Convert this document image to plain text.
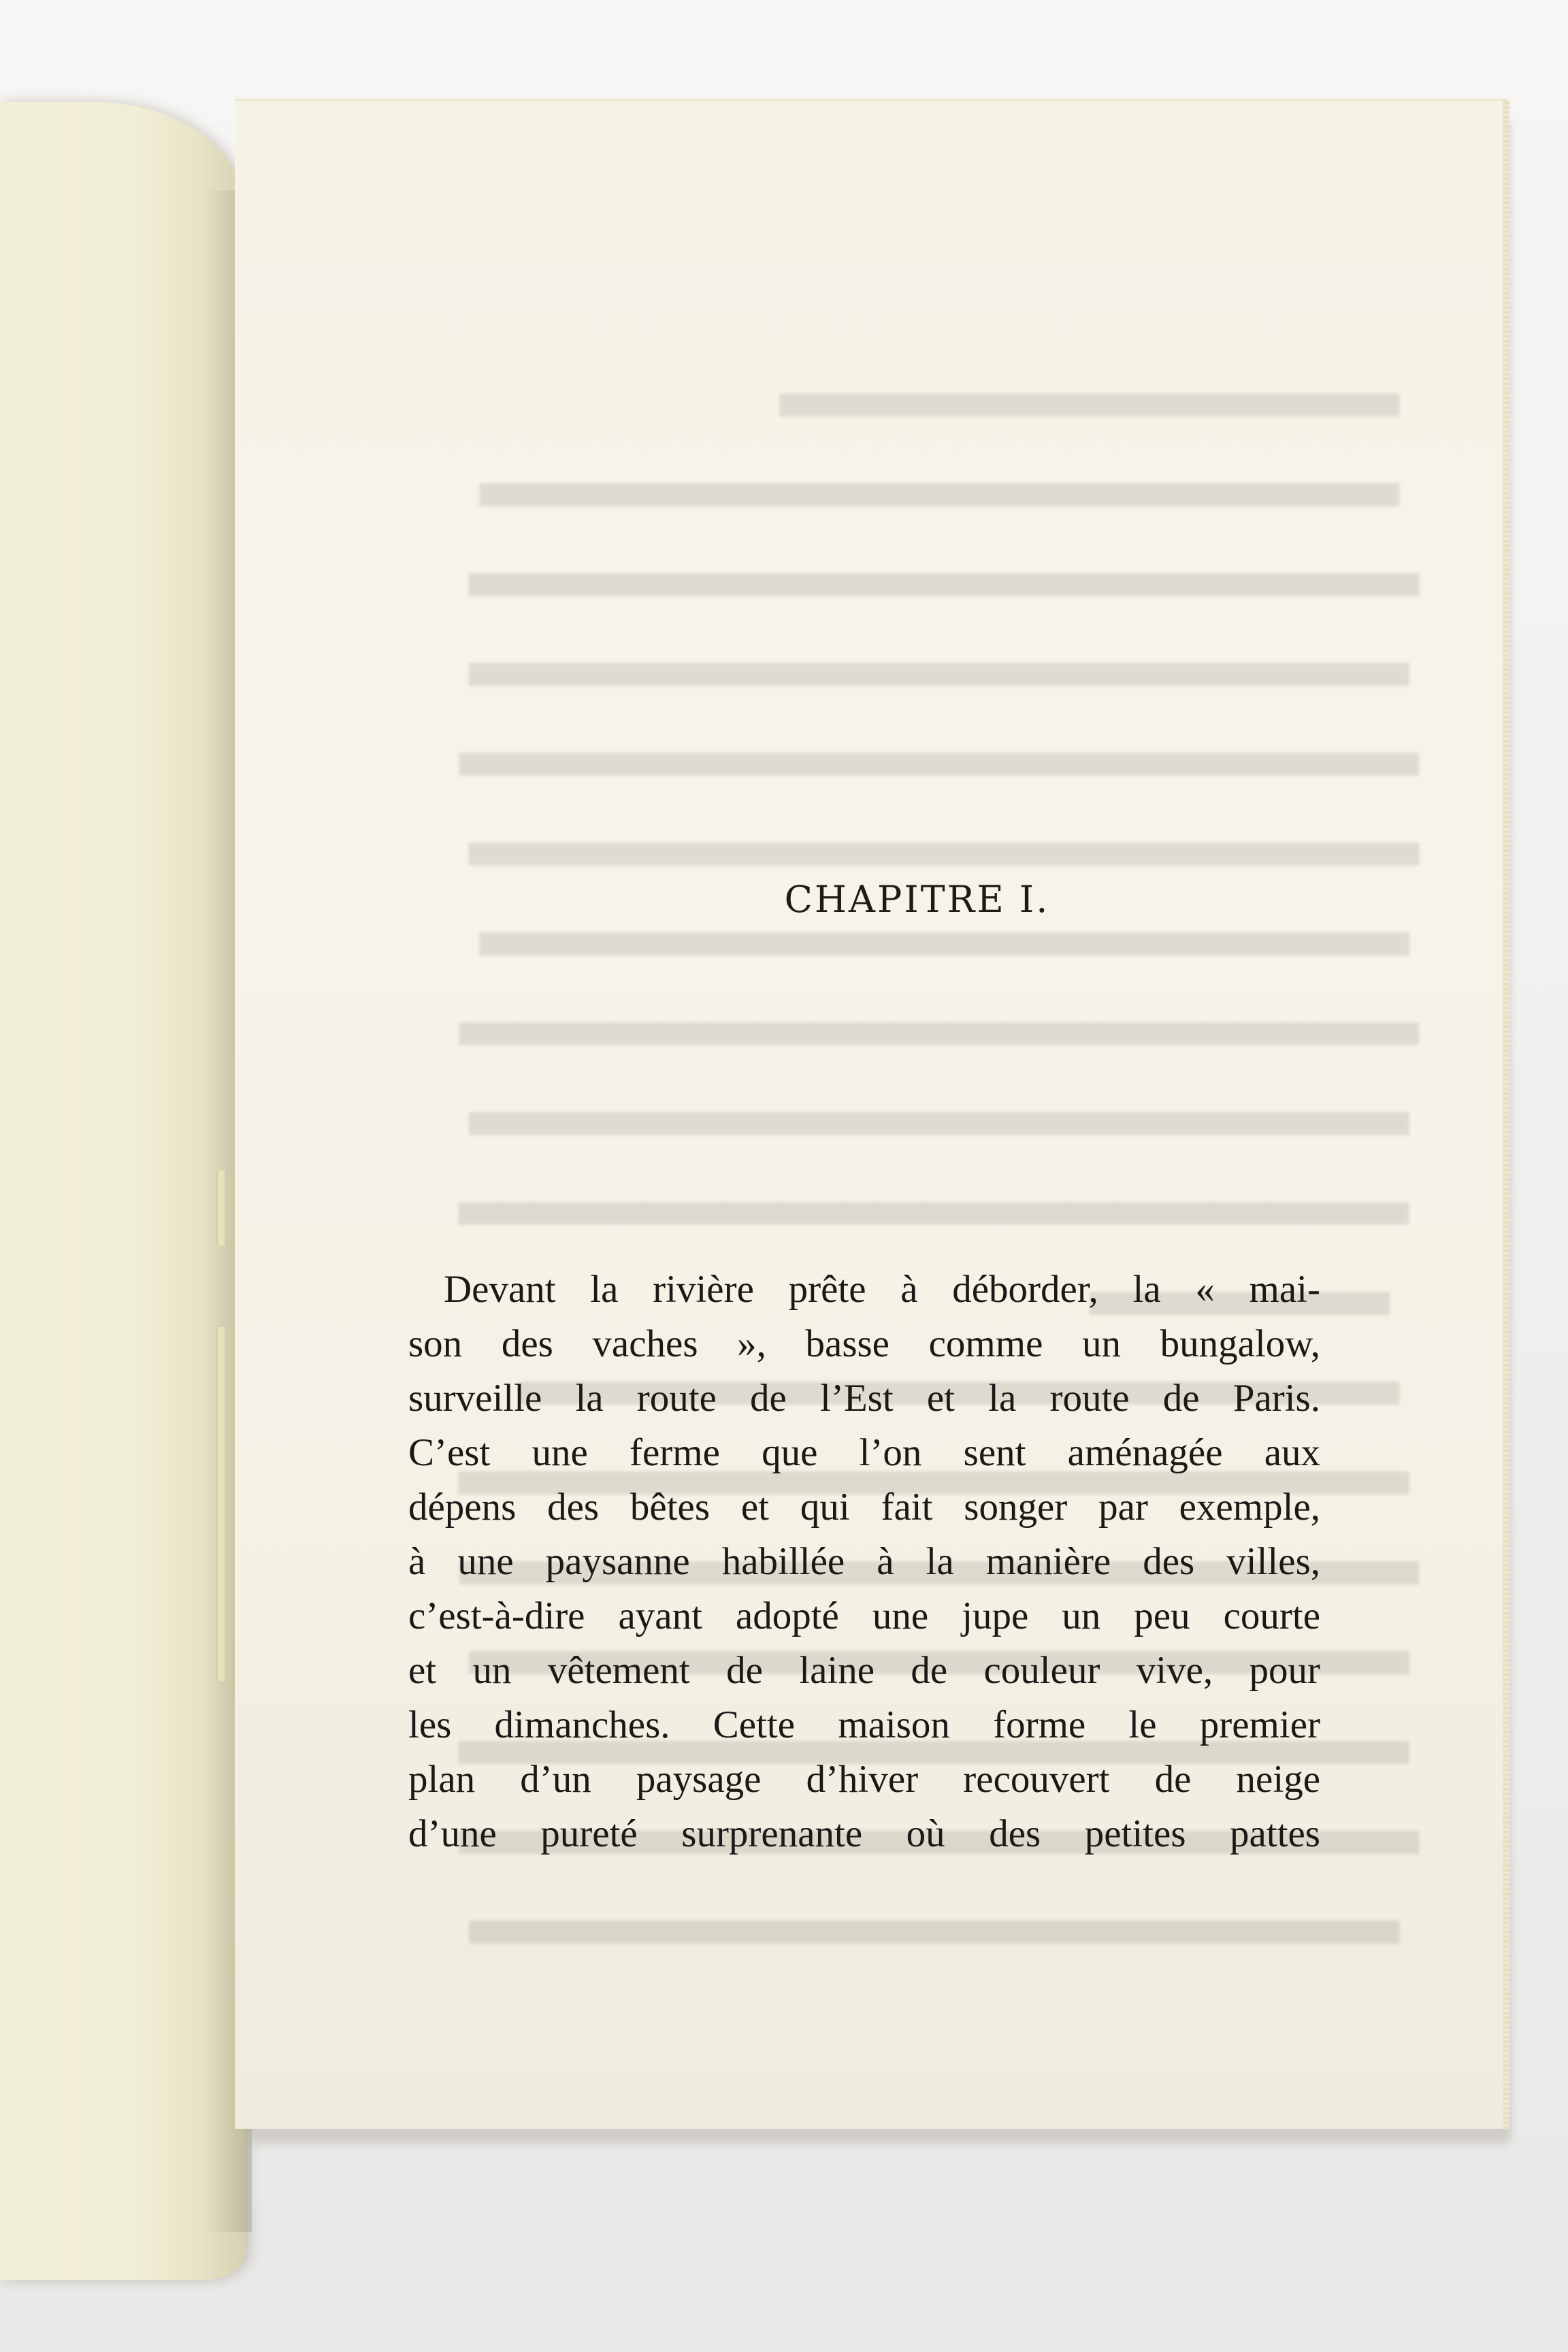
CHAPITRE I.
Devant la rivière prête à déborder, la « mai-
son des vaches », basse comme un bungalow,
surveille la route de l’Est et la route de Paris.
C’est une ferme que l’on sent aménagée aux
dépens des bêtes et qui fait songer par exemple,
à une paysanne habillée à la manière des villes,
c’est-à-dire ayant adopté une jupe un peu courte
et un vêtement de laine de couleur vive, pour
les dimanches. Cette maison forme le premier
plan d’un paysage d’hiver recouvert de neige
d’une pureté surprenante où des petites pattes
